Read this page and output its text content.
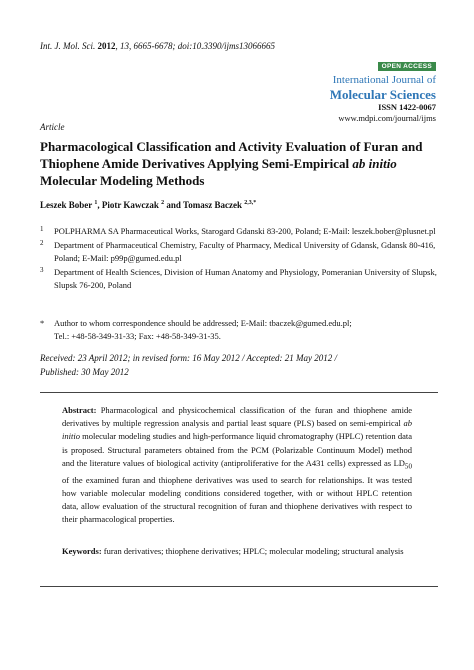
Int. J. Mol. Sci. 2012, 13, 6665-6678; doi:10.3390/ijms13066665
OPEN ACCESS
International Journal of
Molecular Sciences
ISSN 1422-0067
www.mdpi.com/journal/ijms
Article
Pharmacological Classification and Activity Evaluation of Furan and Thiophene Amide Derivatives Applying Semi-Empirical ab initio Molecular Modeling Methods
Leszek Bober $^1$, Piotr Kawczak $^2$ and Tomasz Baczek $^{2,3,*}$
1 POLPHARMA SA Pharmaceutical Works, Starogard Gdanski 83-200, Poland; E-Mail: leszek.bober@plusnet.pl
2 Department of Pharmaceutical Chemistry, Faculty of Pharmacy, Medical University of Gdansk, Gdansk 80-416, Poland; E-Mail: p99p@gumed.edu.pl
3 Department of Health Sciences, Division of Human Anatomy and Physiology, Pomeranian University of Slupsk, Slupsk 76-200, Poland
* Author to whom correspondence should be addressed; E-Mail: tbaczek@gumed.edu.pl;
Tel.: +48-58-349-31-33; Fax: +48-58-349-31-35.
Received: 23 April 2012; in revised form: 16 May 2012 / Accepted: 21 May 2012 /
Published: 30 May 2012
Abstract: Pharmacological and physicochemical classification of the furan and thiophene amide derivatives by multiple regression analysis and partial least square (PLS) based on semi-empirical ab initio molecular modeling studies and high-performance liquid chromatography (HPLC) retention data is proposed. Structural parameters obtained from the PCM (Polarizable Continuum Model) method and the literature values of biological activity (antiproliferative for the A431 cells) expressed as $LD_{50}$ of the examined furan and thiophene derivatives was used to search for relationships. It was tested how variable molecular modeling conditions considered together, with or without HPLC retention data, allow evaluation of the structural recognition of furan and thiophene derivatives with respect to their pharmacological properties.
Keywords: furan derivatives; thiophene derivatives; HPLC; molecular modeling; structural analysis
